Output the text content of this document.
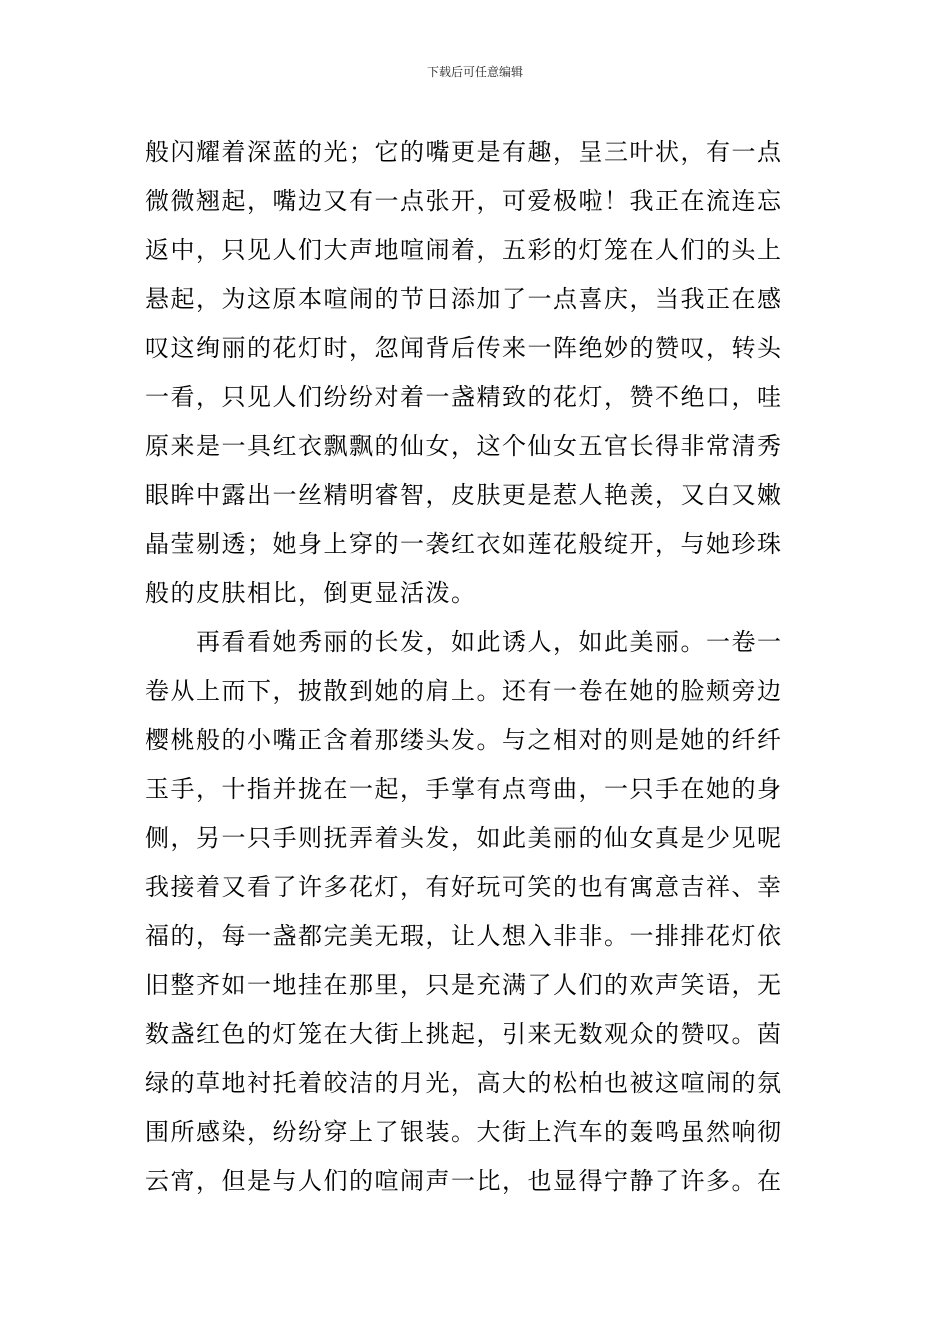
下载后可任意编辑
般闪耀着深蓝的光；它的嘴更是有趣，呈三叶状，有一点
微微翘起，嘴边又有一点张开，可爱极啦！我正在流连忘
返中，只见人们大声地喧闹着，五彩的灯笼在人们的头上
悬起，为这原本喧闹的节日添加了一点喜庆，当我正在感
叹这绚丽的花灯时，忽闻背后传来一阵绝妙的赞叹，转头
一看，只见人们纷纷对着一盏精致的花灯，赞不绝口，哇
原来是一具红衣飘飘的仙女，这个仙女五官长得非常清秀
眼眸中露出一丝精明睿智，皮肤更是惹人艳羡，又白又嫩
晶莹剔透；她身上穿的一袭红衣如莲花般绽开，与她珍珠
般的皮肤相比，倒更显活泼。
　　再看看她秀丽的长发，如此诱人，如此美丽。一卷一
卷从上而下，披散到她的肩上。还有一卷在她的脸颊旁边
樱桃般的小嘴正含着那缕头发。与之相对的则是她的纤纤
玉手，十指并拢在一起，手掌有点弯曲，一只手在她的身
侧，另一只手则抚弄着头发，如此美丽的仙女真是少见呢
我接着又看了许多花灯，有好玩可笑的也有寓意吉祥、幸
福的，每一盏都完美无瑕，让人想入非非。一排排花灯依
旧整齐如一地挂在那里，只是充满了人们的欢声笑语，无
数盏红色的灯笼在大街上挑起，引来无数观众的赞叹。茵
绿的草地衬托着皎洁的月光，高大的松柏也被这喧闹的氛
围所感染，纷纷穿上了银装。大街上汽车的轰鸣虽然响彻
云宵，但是与人们的喧闹声一比，也显得宁静了许多。在
